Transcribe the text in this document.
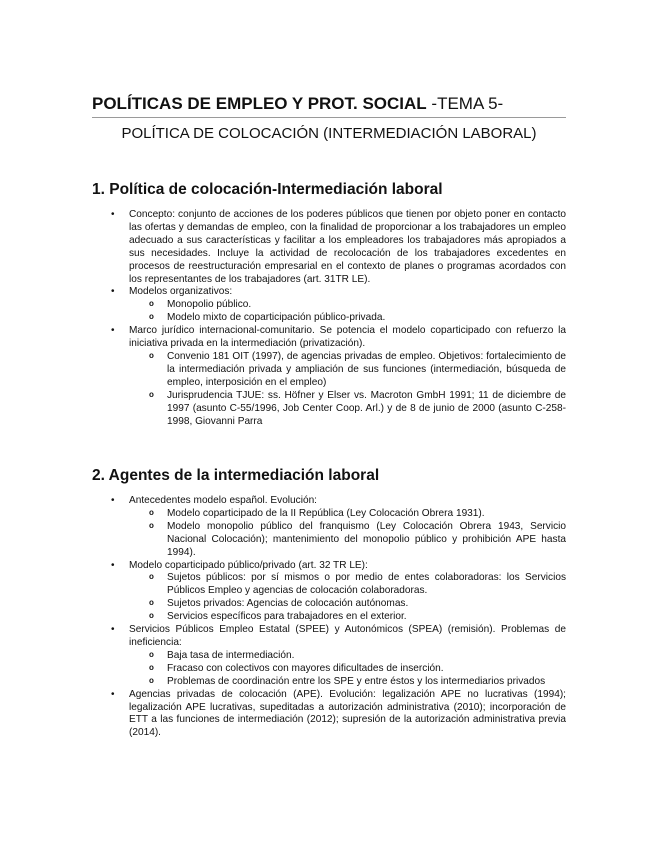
POLÍTICAS DE EMPLEO Y PROT. SOCIAL -TEMA 5-
POLÍTICA DE COLOCACIÓN (INTERMEDIACIÓN LABORAL)
1. Política de colocación-Intermediación laboral
• Concepto: conjunto de acciones de los poderes públicos que tienen por objeto poner en contacto las ofertas y demandas de empleo, con la finalidad de proporcionar a los trabajadores un empleo adecuado a sus características y facilitar a los empleadores los trabajadores más apropiados a sus necesidades. Incluye la actividad de recolocación de los trabajadores excedentes en procesos de reestructuración empresarial en el contexto de planes o programas acordados con los representantes de los trabajadores (art. 31TR LE).
• Modelos organizativos:
o Monopolio público.
o Modelo mixto de coparticipación público-privada.
• Marco jurídico internacional-comunitario. Se potencia el modelo coparticipado con refuerzo la iniciativa privada en la intermediación (privatización).
o Convenio 181 OIT (1997), de agencias privadas de empleo. Objetivos: fortalecimiento de la intermediación privada y ampliación de sus funciones (intermediación, búsqueda de empleo, interposición en el empleo)
o Jurisprudencia TJUE: ss. Höfner y Elser vs. Macroton GmbH 1991; 11 de diciembre de 1997 (asunto C-55/1996, Job Center Coop. Arl.) y de 8 de junio de 2000 (asunto C-258-1998, Giovanni Parra
2. Agentes de la intermediación laboral
• Antecedentes modelo español. Evolución:
o Modelo coparticipado de la II República (Ley Colocación Obrera 1931).
o Modelo monopolio público del franquismo (Ley Colocación Obrera 1943, Servicio Nacional Colocación); mantenimiento del monopolio público y prohibición APE hasta 1994).
• Modelo coparticipado público/privado (art. 32 TR LE):
o Sujetos públicos: por sí mismos o por medio de entes colaboradoras: los Servicios Públicos Empleo y agencias de colocación colaboradoras.
o Sujetos privados: Agencias de colocación autónomas.
o Servicios específicos para trabajadores en el exterior.
• Servicios Públicos Empleo Estatal (SPEE) y Autonómicos (SPEA) (remisión). Problemas de ineficiencia:
o Baja tasa de intermediación.
o Fracaso con colectivos con mayores dificultades de inserción.
o Problemas de coordinación entre los SPE y entre éstos y los intermediarios privados
• Agencias privadas de colocación (APE). Evolución: legalización APE no lucrativas (1994); legalización APE lucrativas, supeditadas a autorización administrativa (2010); incorporación de ETT a las funciones de intermediación (2012); supresión de la autorización administrativa previa (2014).
